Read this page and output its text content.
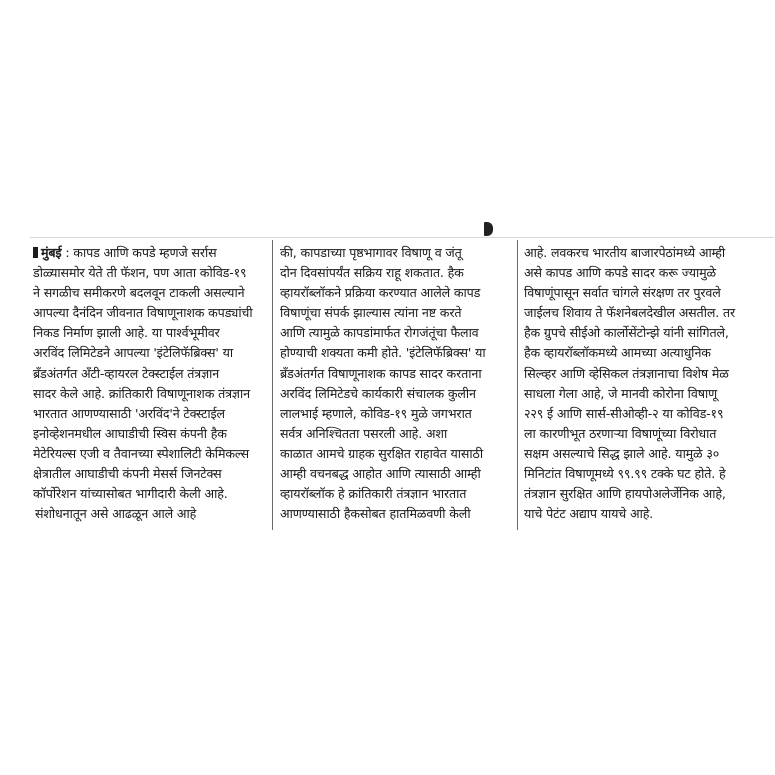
मुंबई : कापड आणि कपडे म्हणजे सर्रास
डोळ्यासमोर येते ती फॅशन, पण आता कोविड-१९
ने सगळीच समीकरणे बदलवून टाकली असल्याने
आपल्या दैनंदिन जीवनात विषाणूनाशक कपड्यांची
निकड निर्माण झाली आहे. या पार्श्वभूमीवर
अरविंद लिमिटेडने आपल्या 'इंटेलिफॅब्रिक्स' या
ब्रँडअंतर्गत अँटी-व्हायरल टेक्स्टाईल तंत्रज्ञान
सादर केले आहे. क्रांतिकारी विषाणूनाशक तंत्रज्ञान
भारतात आणण्यासाठी 'अरविंद'ने टेक्स्टाईल
इनोव्हेशनमधील आघाडीची स्विस कंपनी हैक
मेटेरियल्स एजी व तैवानच्या स्पेशालिटी केमिकल्स
क्षेत्रातील आघाडीची कंपनी मेसर्स जिनटेक्स
कॉर्पोरेशन यांच्यासोबत भागीदारी केली आहे.
संशोधनातून असे आढळून आले आहे
की, कापडाच्या पृष्ठभागावर विषाणू व जंतू
दोन दिवसांपर्यंत सक्रिय राहू शकतात. हैक
व्हायरॉब्लॉकने प्रक्रिया करण्यात आलेले कापड
विषाणूंचा संपर्क झाल्यास त्यांना नष्ट करते
आणि त्यामुळे कापडांमार्फत रोगजंतूंचा फैलाव
होण्याची शक्यता कमी होते. 'इंटेलिफॅब्रिक्स' या
ब्रँडअंतर्गत विषाणूनाशक कापड सादर करताना
अरविंद लिमिटेडचे कार्यकारी संचालक कुलीन
लालभाई म्हणाले, कोविड-१९ मुळे जगभरात
सर्वत्र अनिश्चितता पसरली आहे. अशा
काळात आमचे ग्राहक सुरक्षित राहावेत यासाठी
आम्ही वचनबद्ध आहोत आणि त्यासाठी आम्ही
व्हायरॉब्लॉक हे क्रांतिकारी तंत्रज्ञान भारतात
आणण्यासाठी हैकसोबत हातमिळवणी केली
आहे. लवकरच भारतीय बाजारपेठांमध्ये आम्ही
असे कापड आणि कपडे सादर करू ज्यामुळे
विषाणूंपासून सर्वात चांगले संरक्षण तर पुरवले
जाईलच शिवाय ते फॅशनेबलदेखील असतील. तर
हैक ग्रुपचे सीईओ कार्लोसेंटोन्झे यांनी सांगितले,
हैक व्हायरॉब्लॉकमध्ये आमच्या अत्याधुनिक
सिल्व्हर आणि व्हेसिकल तंत्रज्ञानाचा विशेष मेळ
साधला गेला आहे, जे मानवी कोरोना विषाणू
२२९ ई आणि सार्स-सीओव्ही-२ या कोविड-१९
ला कारणीभूत ठरणाऱ्या विषाणूंच्या विरोधात
सक्षम असल्याचे सिद्ध झाले आहे. यामुळे ३०
मिनिटांत विषाणूमध्ये ९९.९९ टक्के घट होते. हे
तंत्रज्ञान सुरक्षित आणि हायपोअलेर्जेनिक आहे,
याचे पेटंट अद्याप यायचे आहे.
